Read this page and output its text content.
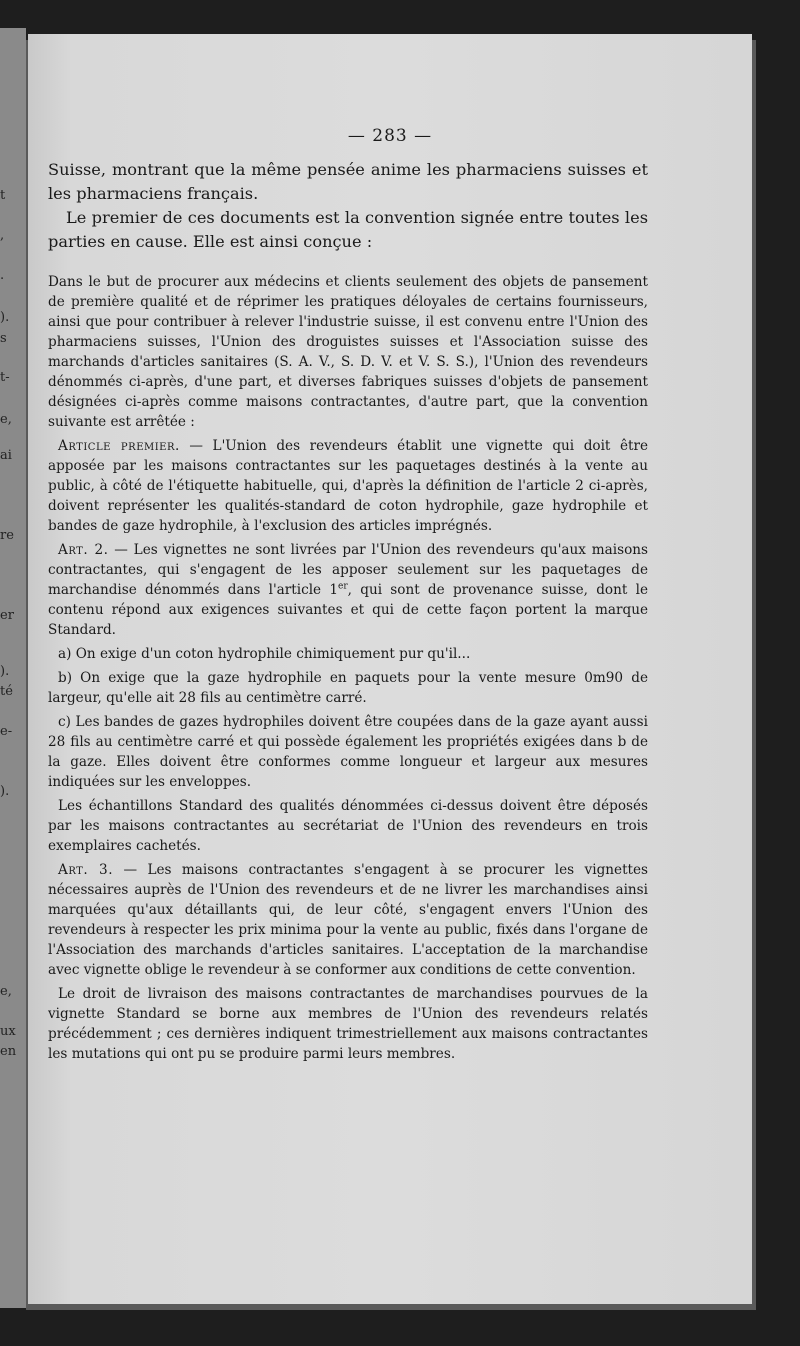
t
,
.
).
s
t-
e,
ai
re
er
).
té
e-
).
e,
ux
en
— 283 —

Suisse, montrant que la même pensée anime les pharmaciens suisses et les pharmaciens français.

Le premier de ces documents est la convention signée entre toutes les parties en cause. Elle est ainsi conçue :

Dans le but de procurer aux médecins et clients seulement des objets de pansement de première qualité et de réprimer les pratiques déloyales de certains fournisseurs, ainsi que pour contribuer à relever l'industrie suisse, il est convenu entre l'Union des pharmaciens suisses, l'Union des droguistes suisses et l'Association suisse des marchands d'articles sanitaires (S. A. V., S. D. V. et V. S. S.), l'Union des revendeurs dénommés ci-après, d'une part, et diverses fabriques suisses d'objets de pansement désignées ci-après comme maisons contractantes, d'autre part, que la convention suivante est arrêtée :

Article premier. — L'Union des revendeurs établit une vignette qui doit être apposée par les maisons contractantes sur les paquetages destinés à la vente au public, à côté de l'étiquette habituelle, qui, d'après la définition de l'article 2 ci-après, doivent représenter les qualités-standard de coton hydrophile, gaze hydrophile et bandes de gaze hydrophile, à l'exclusion des articles imprégnés.

Art. 2. — Les vignettes ne sont livrées par l'Union des revendeurs qu'aux maisons contractantes, qui s'engagent de les apposer seulement sur les paquetages de marchandise dénommés dans l'article 1er, qui sont de provenance suisse, dont le contenu répond aux exigences suivantes et qui de cette façon portent la marque Standard.

a) On exige d'un coton hydrophile chimiquement pur qu'il...

b) On exige que la gaze hydrophile en paquets pour la vente mesure 0m90 de largeur, qu'elle ait 28 fils au centimètre carré.

c) Les bandes de gazes hydrophiles doivent être coupées dans de la gaze ayant aussi 28 fils au centimètre carré et qui possède également les propriétés exigées dans b de la gaze. Elles doivent être conformes comme longueur et largeur aux mesures indiquées sur les enveloppes.

Les échantillons Standard des qualités dénommées ci-dessus doivent être déposés par les maisons contractantes au secrétariat de l'Union des revendeurs en trois exemplaires cachetés.

Art. 3. — Les maisons contractantes s'engagent à se procurer les vignettes nécessaires auprès de l'Union des revendeurs et de ne livrer les marchandises ainsi marquées qu'aux détaillants qui, de leur côté, s'engagent envers l'Union des revendeurs à respecter les prix minima pour la vente au public, fixés dans l'organe de l'Association des marchands d'articles sanitaires. L'acceptation de la marchandise avec vignette oblige le revendeur à se conformer aux conditions de cette convention.

Le droit de livraison des maisons contractantes de marchandises pourvues de la vignette Standard se borne aux membres de l'Union des revendeurs relatés précédemment ; ces dernières indiquent trimestriellement aux maisons contractantes les mutations qui ont pu se produire parmi leurs membres.
